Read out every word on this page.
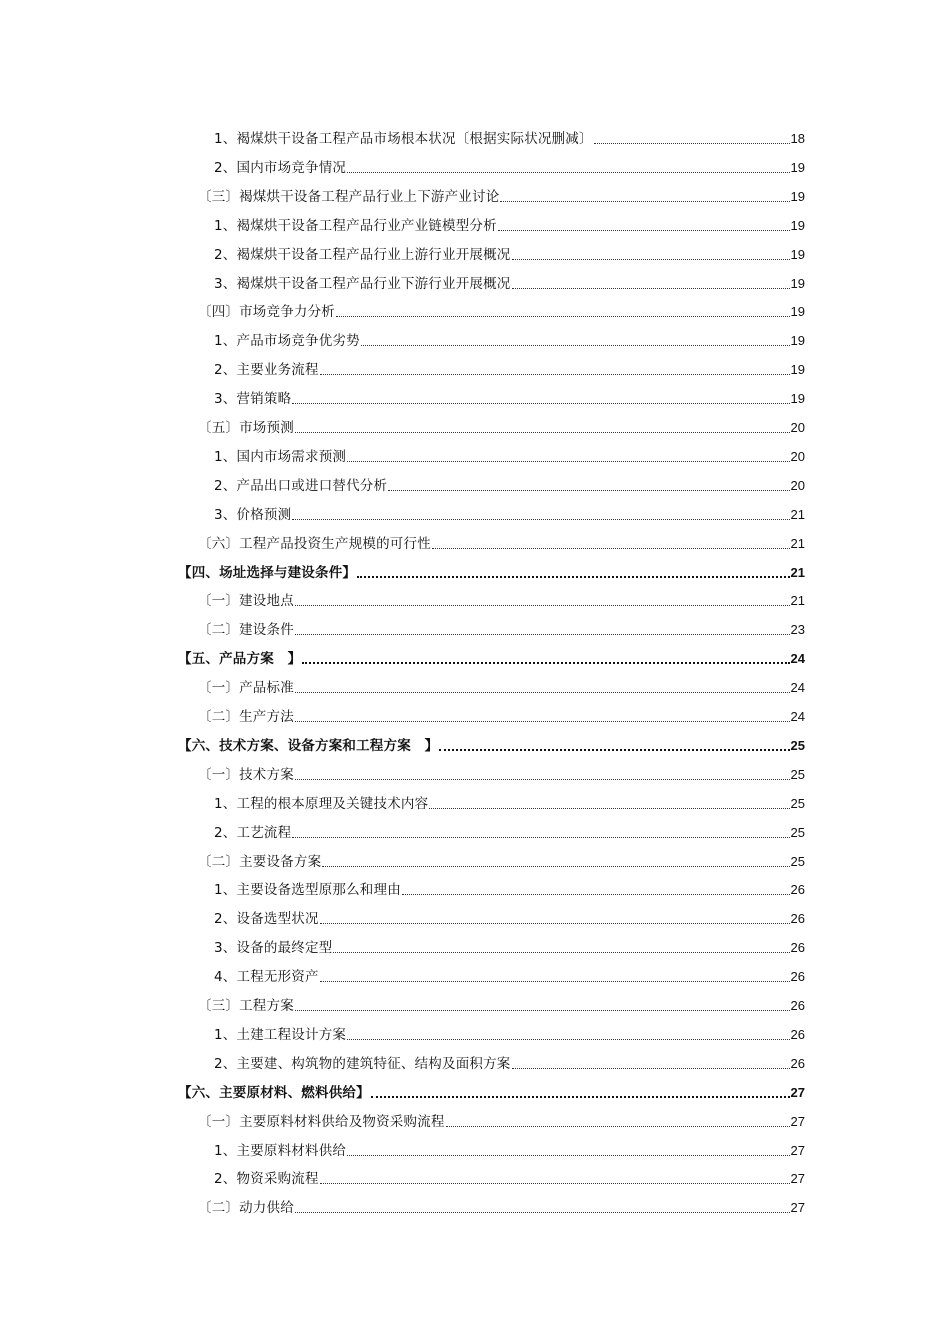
1、褐煤烘干设备工程产品市场根本状况〔根据实际状况删减〕	18
2、国内市场竞争情况	19
〔三〕褐煤烘干设备工程产品行业上下游产业讨论	19
1、褐煤烘干设备工程产品行业产业链模型分析	19
2、褐煤烘干设备工程产品行业上游行业开展概况	19
3、褐煤烘干设备工程产品行业下游行业开展概况	19
〔四〕市场竞争力分析	19
1、产品市场竞争优劣势	19
2、主要业务流程	19
3、营销策略	19
〔五〕市场预测	20
1、国内市场需求预测	20
2、产品出口或进口替代分析	20
3、价格预测	21
〔六〕工程产品投资生产规模的可行性	21
【四、场址选择与建设条件】	21
〔一〕建设地点	21
〔二〕建设条件	23
【五、产品方案　】	24
〔一〕产品标准	24
〔二〕生产方法	24
【六、技术方案、设备方案和工程方案　】	25
〔一〕技术方案	25
1、工程的根本原理及关键技术内容	25
2、工艺流程	25
〔二〕主要设备方案	25
1、主要设备选型原那么和理由	26
2、设备选型状况	26
3、设备的最终定型	26
4、工程无形资产	26
〔三〕工程方案	26
1、土建工程设计方案	26
2、主要建、构筑物的建筑特征、结构及面积方案	26
【六、主要原材料、燃料供给】	27
〔一〕主要原料材料供给及物资采购流程	27
1、主要原料材料供给	27
2、物资采购流程	27
〔二〕动力供给	27
